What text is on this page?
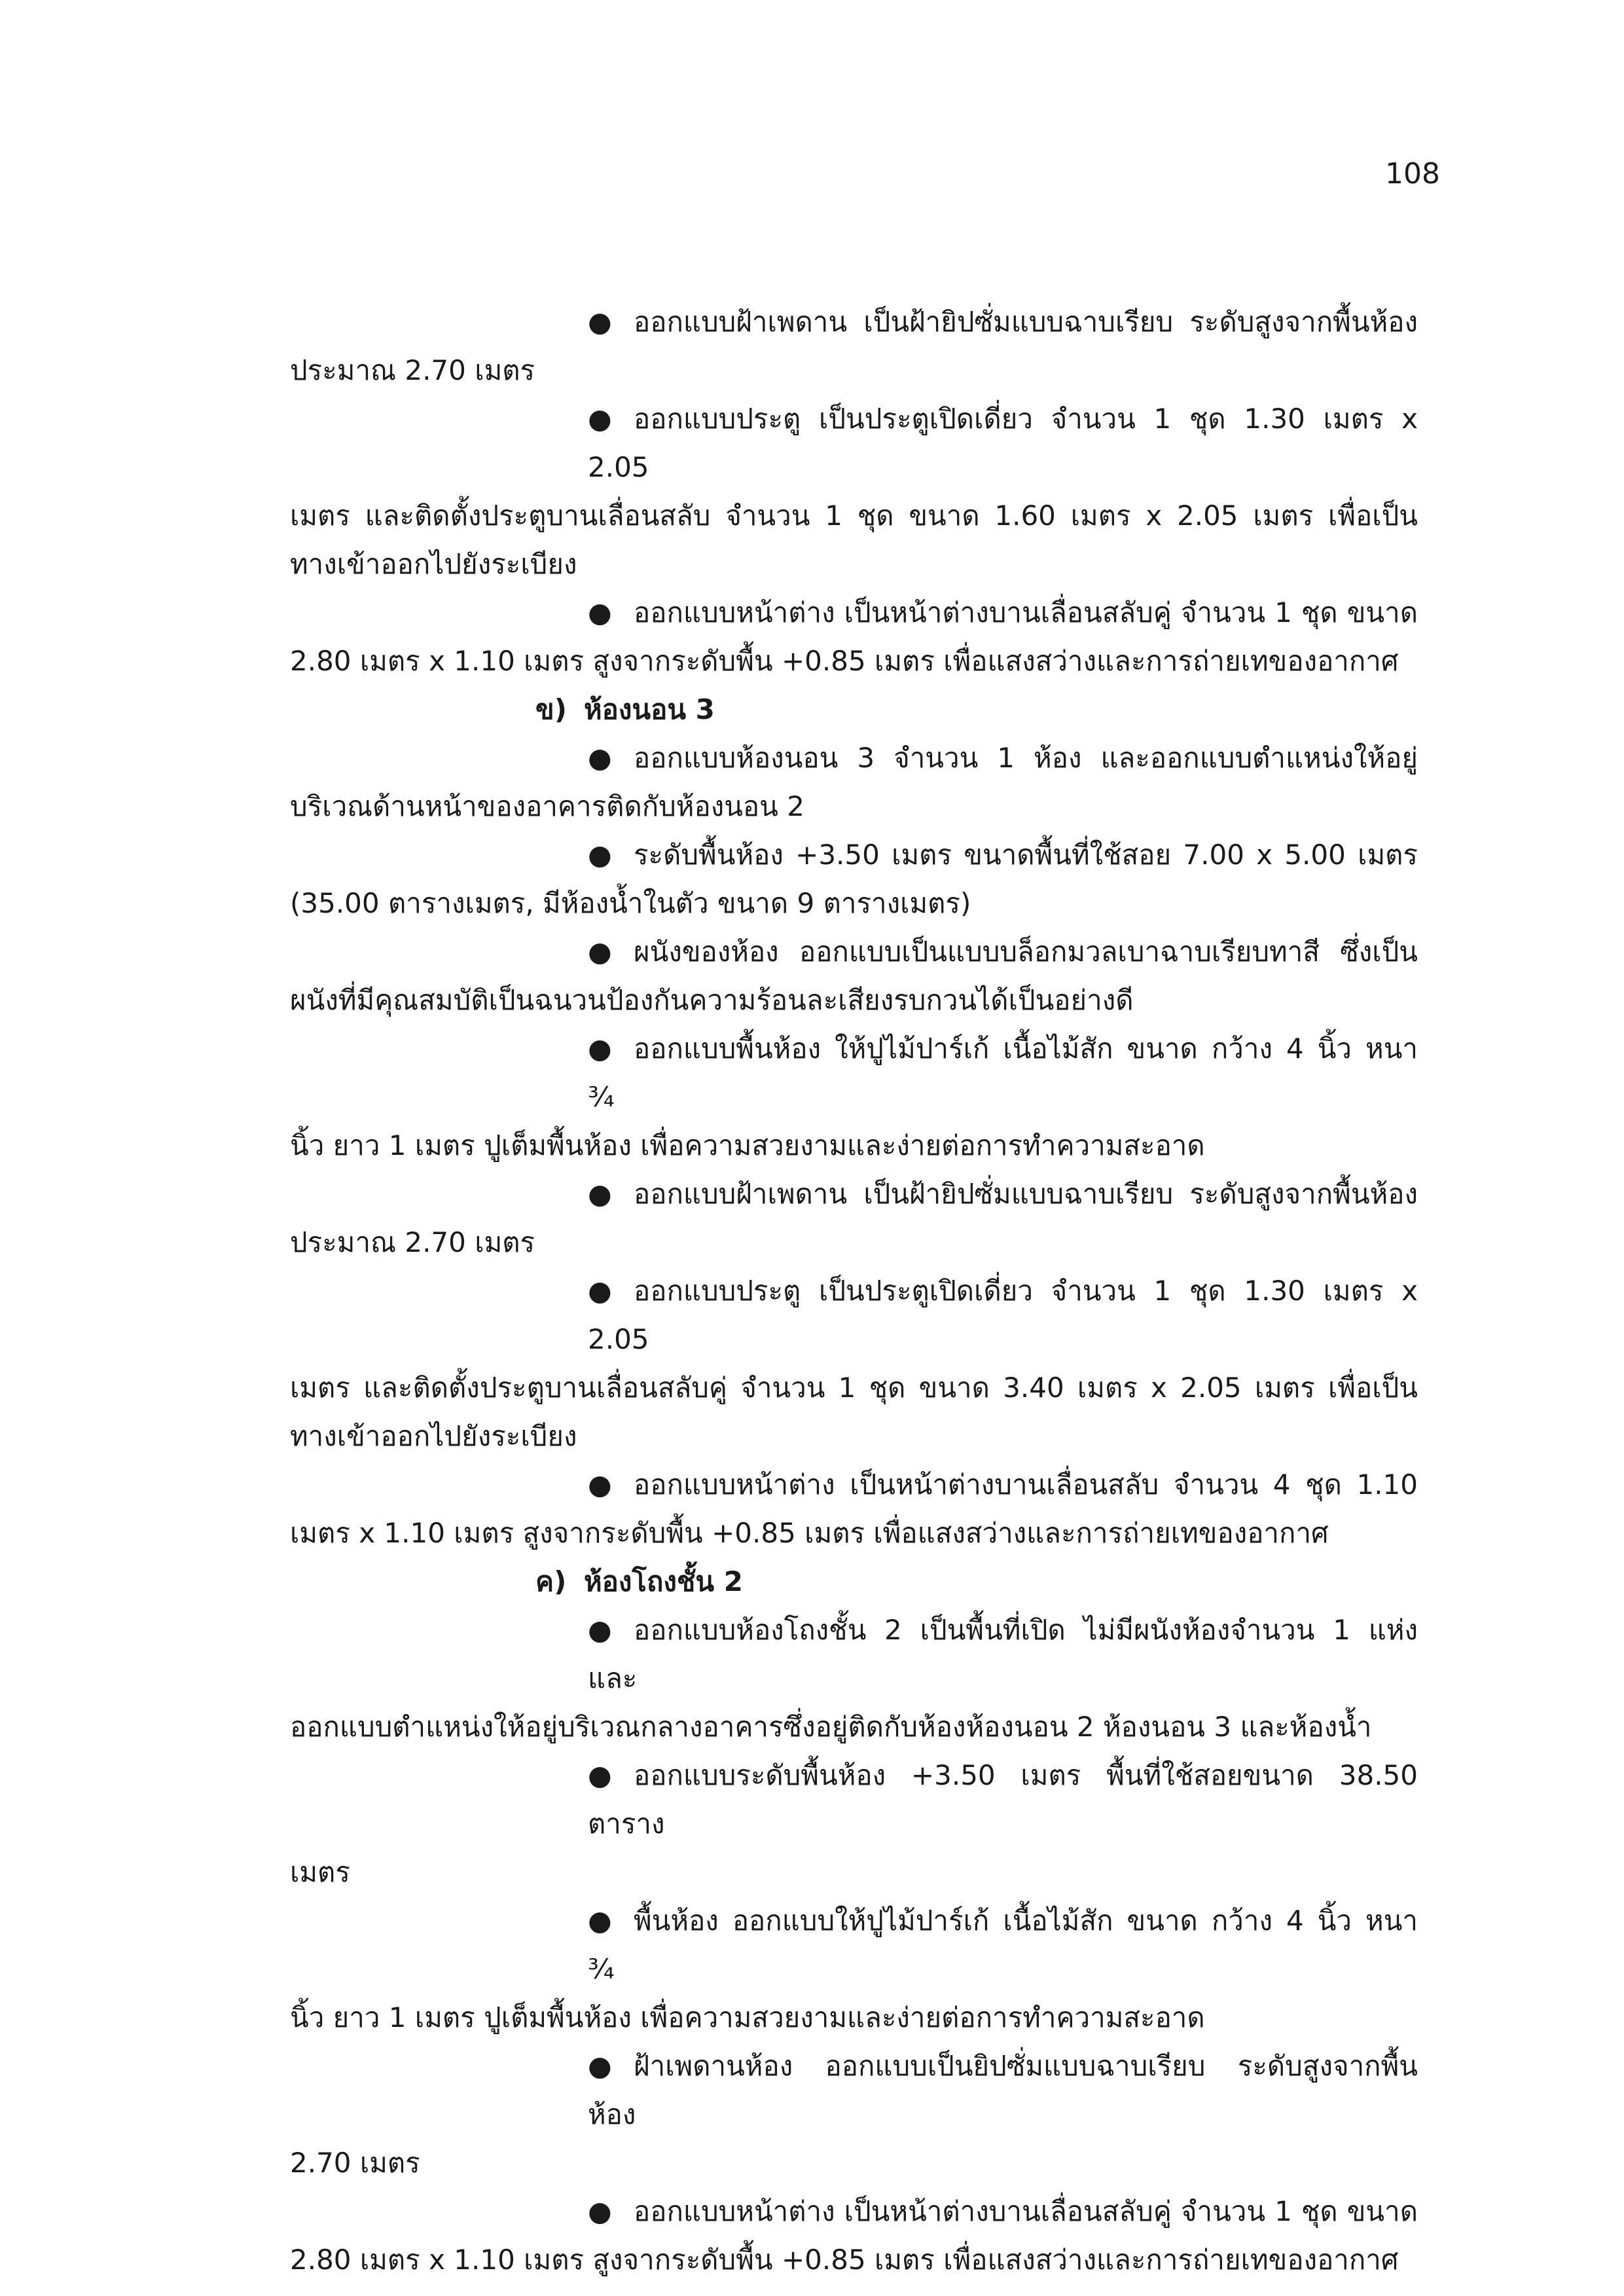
108

● ออกแบบฝ้าเพดาน เป็นฝ้ายิปซั่มแบบฉาบเรียบ ระดับสูงจากพื้นห้อง
ประมาณ 2.70 เมตร

● ออกแบบประตู เป็นประตูเปิดเดี่ยว จำนวน 1 ชุด 1.30 เมตร x 2.05
เมตร และติดตั้งประตูบานเลื่อนสลับ จำนวน 1 ชุด ขนาด 1.60 เมตร x 2.05 เมตร เพื่อเป็น
ทางเข้าออกไปยังระเบียง

● ออกแบบหน้าต่าง เป็นหน้าต่างบานเลื่อนสลับคู่ จำนวน 1 ชุด ขนาด
2.80 เมตร x 1.10 เมตร สูงจากระดับพื้น +0.85 เมตร เพื่อแสงสว่างและการถ่ายเทของอากาศ

ข) ห้องนอน 3

● ออกแบบห้องนอน 3 จำนวน 1 ห้อง และออกแบบตำแหน่งให้อยู่
บริเวณด้านหน้าของอาคารติดกับห้องนอน 2

● ระดับพื้นห้อง +3.50 เมตร ขนาดพื้นที่ใช้สอย 7.00 x 5.00 เมตร
(35.00 ตารางเมตร, มีห้องน้ำในตัว ขนาด 9 ตารางเมตร)

● ผนังของห้อง ออกแบบเป็นแบบบล็อกมวลเบาฉาบเรียบทาสี ซึ่งเป็น
ผนังที่มีคุณสมบัติเป็นฉนวนป้องกันความร้อนละเสียงรบกวนได้เป็นอย่างดี

● ออกแบบพื้นห้อง ให้ปูไม้ปาร์เก้ เนื้อไม้สัก ขนาด กว้าง 4 นิ้ว หนา ¾
นิ้ว ยาว 1 เมตร ปูเต็มพื้นห้อง เพื่อความสวยงามและง่ายต่อการทำความสะอาด

● ออกแบบฝ้าเพดาน เป็นฝ้ายิปซั่มแบบฉาบเรียบ ระดับสูงจากพื้นห้อง
ประมาณ 2.70 เมตร

● ออกแบบประตู เป็นประตูเปิดเดี่ยว จำนวน 1 ชุด 1.30 เมตร x 2.05
เมตร และติดตั้งประตูบานเลื่อนสลับคู่ จำนวน 1 ชุด ขนาด 3.40 เมตร x 2.05 เมตร เพื่อเป็น
ทางเข้าออกไปยังระเบียง

● ออกแบบหน้าต่าง เป็นหน้าต่างบานเลื่อนสลับ จำนวน 4 ชุด 1.10
เมตร x 1.10 เมตร สูงจากระดับพื้น +0.85 เมตร เพื่อแสงสว่างและการถ่ายเทของอากาศ

ค) ห้องโถงชั้น 2

● ออกแบบห้องโถงชั้น 2 เป็นพื้นที่เปิด ไม่มีผนังห้องจำนวน 1 แห่ง และ
ออกแบบตำแหน่งให้อยู่บริเวณกลางอาคารซึ่งอยู่ติดกับห้องห้องนอน 2 ห้องนอน 3 และห้องน้ำ

● ออกแบบระดับพื้นห้อง +3.50 เมตร พื้นที่ใช้สอยขนาด 38.50 ตาราง
เมตร

● พื้นห้อง ออกแบบให้ปูไม้ปาร์เก้ เนื้อไม้สัก ขนาด กว้าง 4 นิ้ว หนา ¾
นิ้ว ยาว 1 เมตร ปูเต็มพื้นห้อง เพื่อความสวยงามและง่ายต่อการทำความสะอาด

● ฝ้าเพดานห้อง ออกแบบเป็นยิปซั่มแบบฉาบเรียบ ระดับสูงจากพื้นห้อง
2.70 เมตร

● ออกแบบหน้าต่าง เป็นหน้าต่างบานเลื่อนสลับคู่ จำนวน 1 ชุด ขนาด
2.80 เมตร x 1.10 เมตร สูงจากระดับพื้น +0.85 เมตร เพื่อแสงสว่างและการถ่ายเทของอากาศ
